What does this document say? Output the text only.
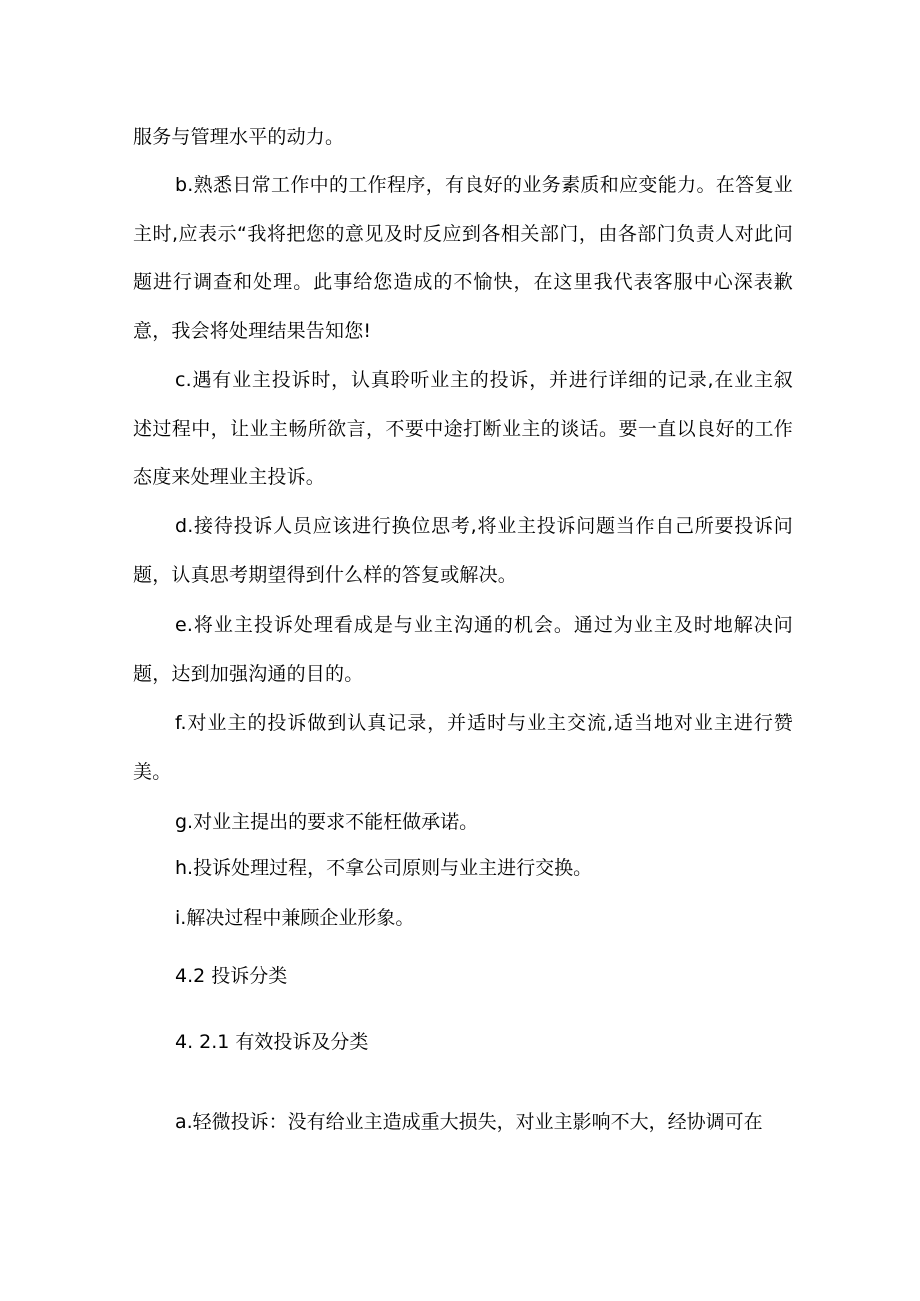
服务与管理水平的动力。

b.熟悉日常工作中的工作程序，有良好的业务素质和应变能力。在答复业主时,应表示“我将把您的意见及时反应到各相关部门，由各部门负责人对此问题进行调查和处理。此事给您造成的不愉快，在这里我代表客服中心深表歉意，我会将处理结果告知您!

c.遇有业主投诉时，认真聆听业主的投诉，并进行详细的记录,在业主叙述过程中，让业主畅所欲言，不要中途打断业主的谈话。要一直以良好的工作态度来处理业主投诉。

d.接待投诉人员应该进行换位思考,将业主投诉问题当作自己所要投诉问题，认真思考期望得到什么样的答复或解决。

e.将业主投诉处理看成是与业主沟通的机会。通过为业主及时地解决问题，达到加强沟通的目的。

f.对业主的投诉做到认真记录，并适时与业主交流,适当地对业主进行赞美。

g.对业主提出的要求不能枉做承诺。

h.投诉处理过程，不拿公司原则与业主进行交换。

i.解决过程中兼顾企业形象。

4.2 投诉分类

4. 2.1 有效投诉及分类

a.轻微投诉：没有给业主造成重大损失，对业主影响不大，经协调可在
